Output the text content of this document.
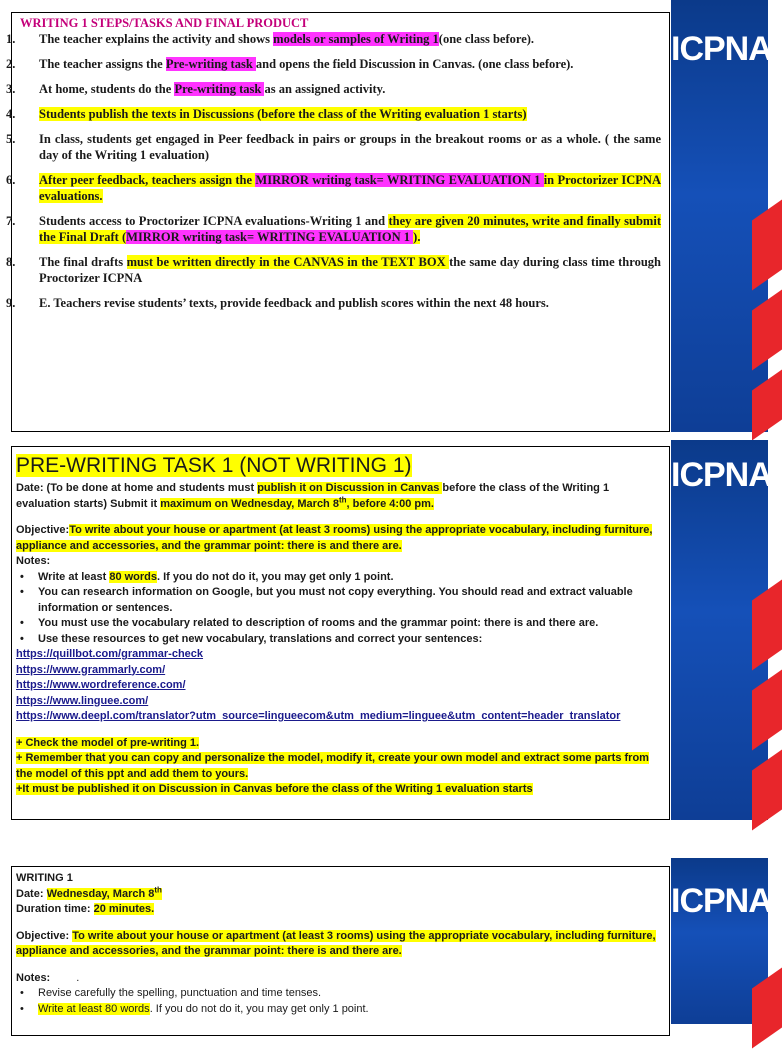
WRITING 1 STEPS/TASKS AND FINAL PRODUCT
1. The teacher explains the activity and shows models or samples of Writing 1(one class before).
2. The teacher assigns the Pre-writing task and opens the field Discussion in Canvas. (one class before).
3. At home, students do the Pre-writing task as an assigned activity.
4. Students publish the texts in Discussions (before the class of the Writing evaluation 1 starts)
5. In class, students get engaged in Peer feedback in pairs or groups in the breakout rooms or as a whole. ( the same day of the Writing 1 evaluation)
6. After peer feedback, teachers assign the MIRROR writing task= WRITING EVALUATION 1 in Proctorizer ICPNA evaluations.
7. Students access to Proctorizer ICPNA evaluations-Writing 1 and they are given 20 minutes, write and finally submit the Final Draft (MIRROR writing task= WRITING EVALUATION 1 ).
8. The final drafts must be written directly in the CANVAS in the TEXT BOX the same day during class time through Proctorizer ICPNA
9. E. Teachers revise students’ texts, provide feedback and publish scores within the next 48 hours.
ICPNA
PRE-WRITING TASK 1 (NOT WRITING 1)
Date: (To be done at home and students must publish it on Discussion in Canvas before the class of the Writing 1 evaluation starts) Submit it maximum on Wednesday, March 8th, before 4:00 pm.
Objective:To write about your house or apartment (at least 3 rooms) using the appropriate vocabulary, including furniture, appliance and accessories, and the grammar point: there is and there are.
Notes:
• Write at least 80 words. If you do not do it, you may get only 1 point.
• You can research information on Google, but you must not copy everything. You should read and extract valuable information or sentences.
• You must use the vocabulary related to description of rooms and the grammar point: there is and there are.
• Use these resources to get new vocabulary, translations and correct your sentences:
https://quillbot.com/grammar-check
https://www.grammarly.com/
https://www.wordreference.com/
https://www.linguee.com/
https://www.deepl.com/translator?utm_source=lingueecom&utm_medium=linguee&utm_content=header_translator
+ Check the model of pre-writing 1.
+ Remember that you can copy and personalize the model, modify it, create your own model and extract some parts from the model of this ppt and add them to yours.
+It must be published it on Discussion in Canvas before the class of the Writing 1 evaluation starts
ICPNA
WRITING 1
Date: Wednesday, March 8th
Duration time: 20 minutes.
Objective: To write about your house or apartment (at least 3 rooms) using the appropriate vocabulary, including furniture, appliance and accessories, and the grammar point: there is and there are.
Notes: .
• Revise carefully the spelling, punctuation and time tenses.
• Write at least 80 words. If you do not do it, you may get only 1 point.
ICPNA
